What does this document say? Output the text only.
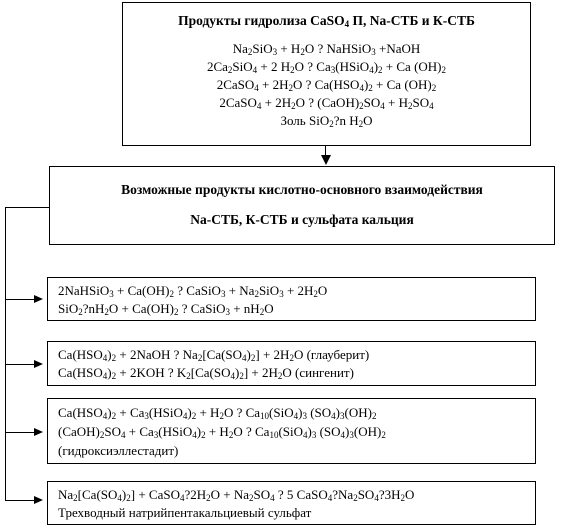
Продукты гидролиза CaSO$_4$ П, Na-СТБ и К-СТБ
$Na_2SiO_3 + H_2O$ ? NaHSiO$_3$ +NaOH
$2Ca_2SiO_4 + 2$ $H_2O$ ? $Ca_3(HSiO_4)_2 + Ca$ $(OH)_2$
2CaSO$_4$ + $2H_2O$ ? $Ca(HSO_4)_2 + Ca$ $(OH)_2$
2CaSO$_4$ + $2H_2O$ ? $(CaOH)_2SO_4 + H_2SO_4$
Золь SiO$_2$?n $H_2O$
Возможные продукты кислотно-основного взаимодействия
Na-СТБ, К-СТБ и сульфата кальция
2NaHSiO$_3$ + $Ca(OH)_2$ ? CaSiO$_3$ + $Na_2SiO_3 + 2H_2O$
$SiO_2?nH_2O + Ca(OH)_2$ ? CaSiO$_3$ + $nH_2O$
$Ca(HSO_4)_2$ + 2NaOH ? $Na_2[Ca(SO_4)_2] + 2H_2O$ (глауберит)
$Ca(HSO_4)_2 + 2KOH$ ? $K_2[Ca(SO_4)_2] + 2H_2O$ (сингенит)
$Ca(HSO_4)_2$ + $Ca_3(HSiO_4)_2 + H_2O$ ? $Ca_{10}(SiO_4)_3$ $(SO_4)_3(OH)_2$
$(CaOH)_2SO_4$ + $Ca_3(HSiO_4)_2 + H_2O$ ? $Ca_{10}(SiO_4)_3$ $(SO_4)_3(OH)_2$
(гидроксиэллестадит)
$Na_2[Ca(SO_4)_2]$ + $CaSO_4?2H_2O + Na_2SO_4$ ? 5 $CaSO_4?Na_2SO_4?3H_2O$
Трехводный натрийпентакальциевый сульфат
